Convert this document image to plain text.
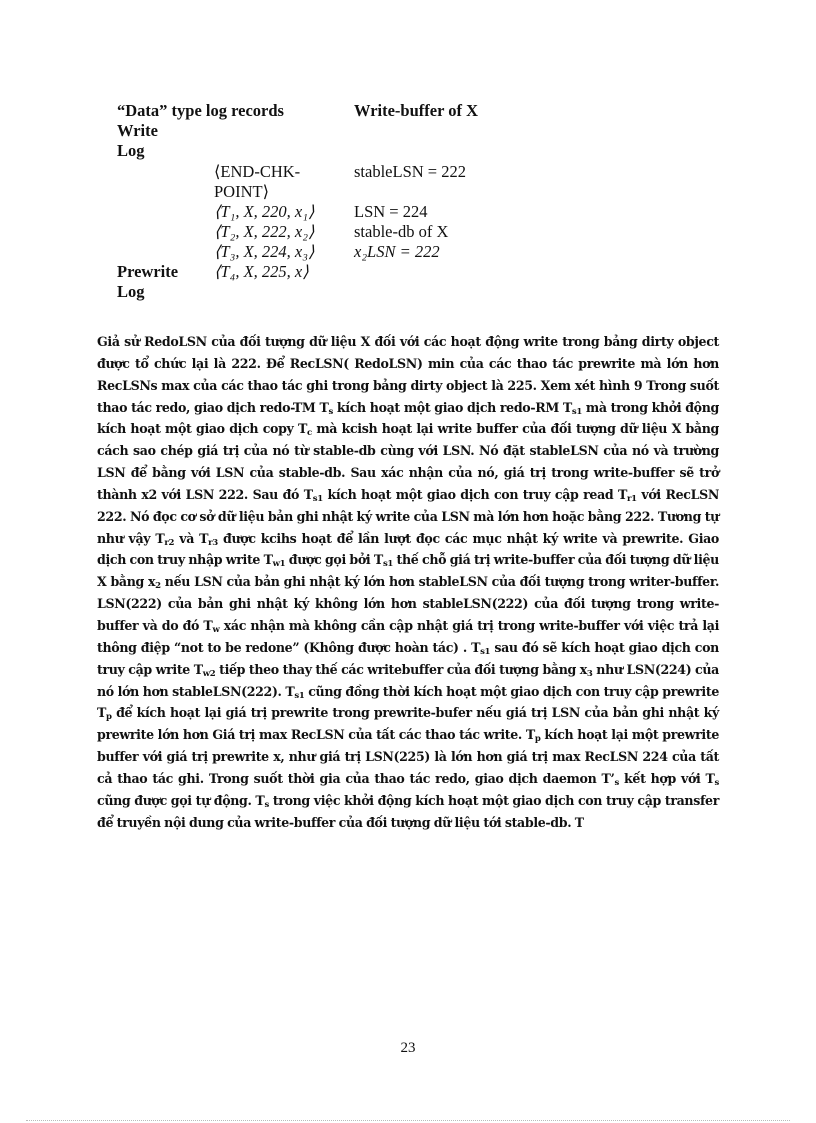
“Data” type log records	Write-buffer of X
Write
Log
⟨END-CHK-	stableLSN = 222
POINT⟩
⟨T₁, X, 220, x₁⟩ LSN = 224
⟨T₂, X, 222, x₂⟩ stable-db of X
⟨T₃, X, 224, x₃⟩ x₂LSN = 222
Prewrite ⟨T₄, X, 225, x⟩
Log

Giả sử RedoLSN của đối tượng dữ liệu X đối với các hoạt động write trong bảng dirty object được tổ chức lại là 222. Để RecLSN( RedoLSN) min của các thao tác prewrite mà lớn hơn RecLSNs max của các thao tác ghi trong bảng dirty object là 225. Xem xét hình 9 Trong suốt thao tác redo, giao dịch redo-TM $T_s$ kích hoạt một giao dịch redo-RM $T_{s1}$ mà trong khởi động kích hoạt một giao dịch copy $T_c$ mà kcish hoạt lại write buffer của đối tượng dữ liệu X bằng cách sao chép giá trị của nó từ stable-db cùng với LSN. Nó đặt stableLSN của nó và trường LSN để bằng với LSN của stable-db. Sau xác nhận của nó, giá trị trong write-buffer sẽ trở thành x2 với LSN 222. Sau đó $T_{s1}$ kích hoạt một giao dịch con truy cập read $T_{r1}$ với RecLSN 222. Nó đọc cơ sở dữ liệu bản ghi nhật ký write của LSN mà lớn hơn hoặc bằng 222. Tương tự như vậy $T_{r2}$ và $T_{r3}$ được kcihs hoạt để lần lượt đọc các mục nhật ký write và prewrite. Giao dịch con truy nhập write $T_{w1}$ được gọi bởi $T_{s1}$ thế chỗ giá trị write-buffer của đối tượng dữ liệu X bằng $x_2$ nếu LSN của bản ghi nhật ký lớn hơn stableLSN của đối tượng trong writer-buffer. LSN(222) của bản ghi nhật ký không lớn hơn stableLSN(222) của đối tượng trong write-buffer và do đó $T_w$ xác nhận mà không cần cập nhật giá trị trong write-buffer với việc trả lại thông điệp “not to be redone” (Không được hoàn tác) . $T_{s1}$ sau đó sẽ kích hoạt giao dịch con truy cập write $T_{w2}$ tiếp theo thay thế các writebuffer của đối tượng bằng $x_3$ như LSN(224) của nó lớn hơn stableLSN(222). $T_{s1}$ cũng đồng thời kích hoạt một giao dịch con truy cập prewrite $T_p$ để kích hoạt lại giá trị prewrite trong prewrite-bufer nếu giá trị LSN của bản ghi nhật ký prewrite lớn hơn Giá trị max RecLSN của tất các thao tác write. $T_p$ kích hoạt lại một prewrite buffer với giá trị prewrite x, như giá trị LSN(225) là lớn hơn giá trị max RecLSN 224 của tất cả thao tác ghi. Trong suốt thời gia của thao tác redo, giao dịch daemon $T’_s$ kết hợp với $T_s$ cũng được gọi tự động. $T_s$ trong việc khởi động kích hoạt một giao dịch con truy cập transfer để truyền nội dung của write-buffer của đối tượng dữ liệu tới stable-db. T

23
